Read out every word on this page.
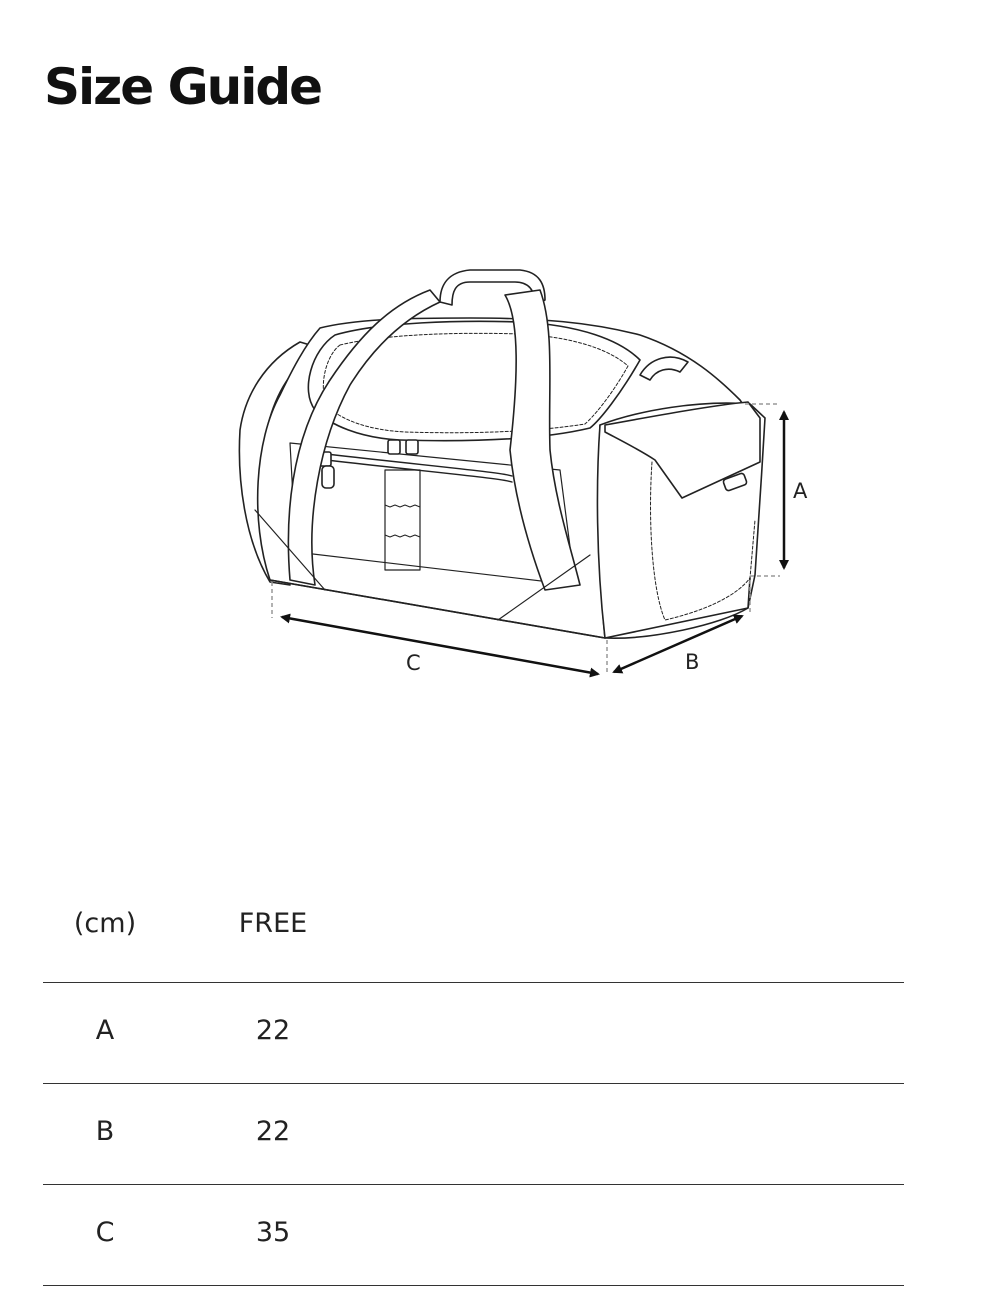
Size Guide
A
B
C
(cm)	FREE
A	22
B	22
C	35
